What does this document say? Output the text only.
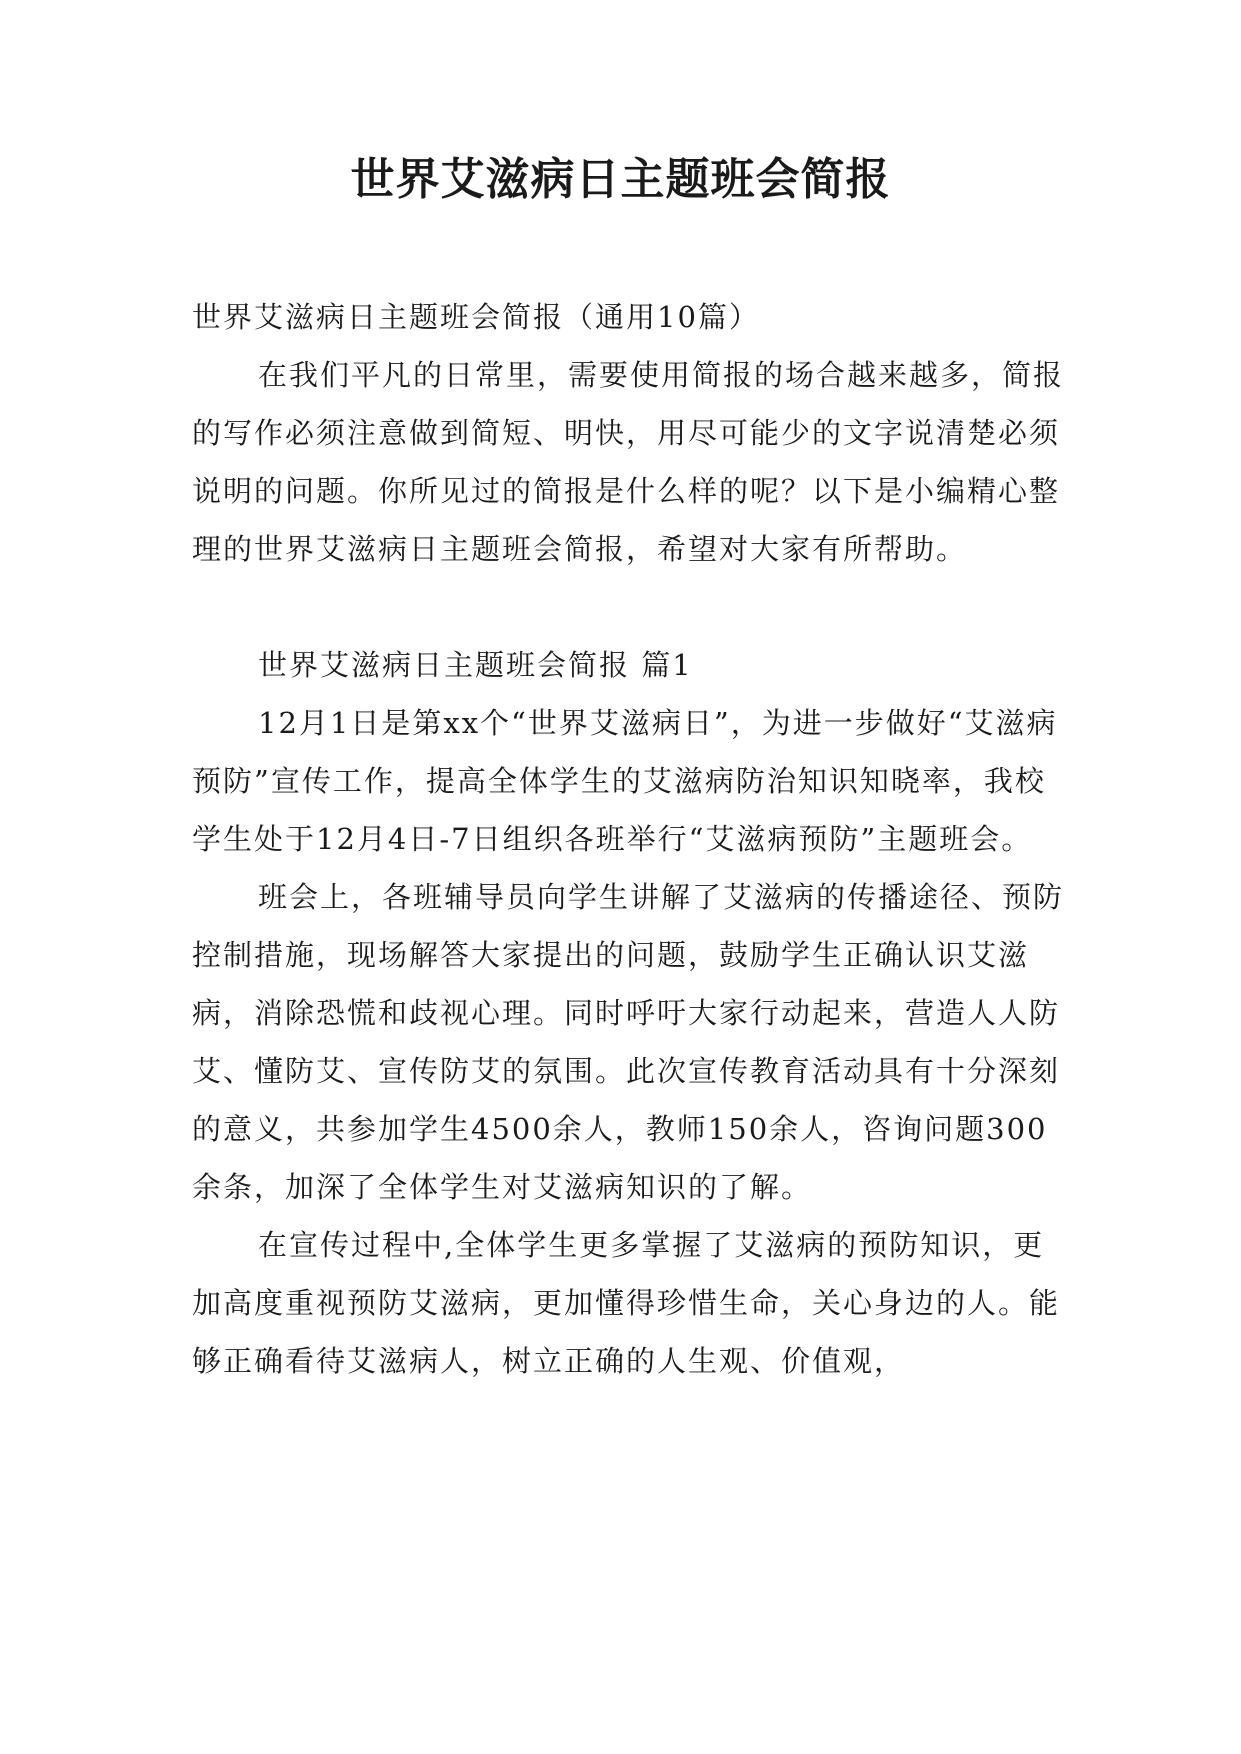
世界艾滋病日主题班会简报

世界艾滋病日主题班会简报（通用10篇）

在我们平凡的日常里，需要使用简报的场合越来越多，简报的写作必须注意做到简短、明快，用尽可能少的文字说清楚必须说明的问题。你所见过的简报是什么样的呢？以下是小编精心整理的世界艾滋病日主题班会简报，希望对大家有所帮助。

世界艾滋病日主题班会简报 篇1

12月1日是第xx个“世界艾滋病日”，为进一步做好“艾滋病预防”宣传工作，提高全体学生的艾滋病防治知识知晓率，我校学生处于12月4日-7日组织各班举行“艾滋病预防”主题班会。

班会上，各班辅导员向学生讲解了艾滋病的传播途径、预防控制措施，现场解答大家提出的问题，鼓励学生正确认识艾滋病，消除恐慌和歧视心理。同时呼吁大家行动起来，营造人人防艾、懂防艾、宣传防艾的氛围。此次宣传教育活动具有十分深刻的意义，共参加学生4500余人，教师150余人，咨询问题300余条，加深了全体学生对艾滋病知识的了解。

在宣传过程中,全体学生更多掌握了艾滋病的预防知识，更加高度重视预防艾滋病，更加懂得珍惜生命，关心身边的人。能够正确看待艾滋病人，树立正确的人生观、价值观，
